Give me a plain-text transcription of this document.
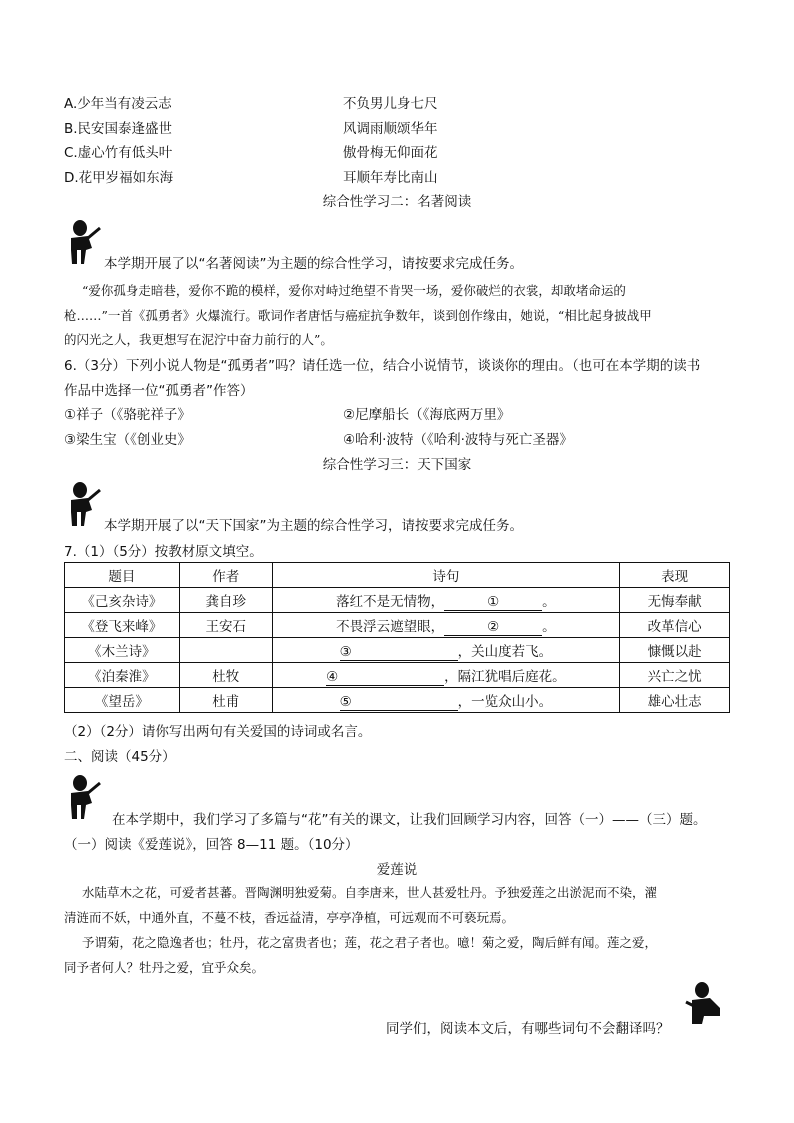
A.少年当有凌云志	不负男儿身七尺
B.民安国泰逢盛世	风调雨顺颂华年
C.虚心竹有低头叶	傲骨梅无仰面花
D.花甲岁福如东海	耳顺年寿比南山
综合性学习二：名著阅读
本学期开展了以“名著阅读”为主题的综合性学习，请按要求完成任务。
“爱你孤身走暗巷，爱你不跪的模样，爱你对峙过绝望不肯哭一场，爱你破烂的衣裳，却敢堵命运的
枪……”一首《孤勇者》火爆流行。歌词作者唐恬与癌症抗争数年，谈到创作缘由，她说，“相比起身披战甲
的闪光之人，我更想写在泥泞中奋力前行的人”。
6.（3分）下列小说人物是“孤勇者”吗？请任选一位，结合小说情节，谈谈你的理由。（也可在本学期的读书
作品中选择一位“孤勇者”作答）
①祥子（《骆驼祥子》	②尼摩船长（《海底两万里》
③梁生宝（《创业史》	④哈利·波特（《哈利·波特与死亡圣器》
综合性学习三：天下国家
本学期开展了以“天下国家”为主题的综合性学习，请按要求完成任务。
7.（1）（5分）按教材原文填空。
题目	作者	诗句	表现
《己亥杂诗》	龚自珍	落红不是无情物， ① 。	无悔奉献
《登飞来峰》	王安石	不畏浮云遮望眼， ② 。	改革信心
《木兰诗》		③ ，关山度若飞。	慷慨以赴
《泊秦淮》	杜牧	④ ，隔江犹唱后庭花。	兴亡之忧
《望岳》	杜甫	⑤ ，一览众山小。	雄心壮志
（2）（2分）请你写出两句有关爱国的诗词或名言。
二、阅读（45分）
在本学期中，我们学习了多篇与“花”有关的课文，让我们回顾学习内容，回答（一）——（三）题。
（一）阅读《爱莲说》，回答 8—11 题。（10分）
爱莲说
水陆草木之花，可爱者甚蕃。晋陶渊明独爱菊。自李唐来，世人甚爱牡丹。予独爱莲之出淤泥而不染，濯
清涟而不妖，中通外直，不蔓不枝，香远益清，亭亭净植，可远观而不可亵玩焉。
予谓菊，花之隐逸者也；牡丹，花之富贵者也；莲，花之君子者也。噫！菊之爱，陶后鲜有闻。莲之爱，
同予者何人？牡丹之爱，宜乎众矣。
同学们，阅读本文后，有哪些词句不会翻译吗？
